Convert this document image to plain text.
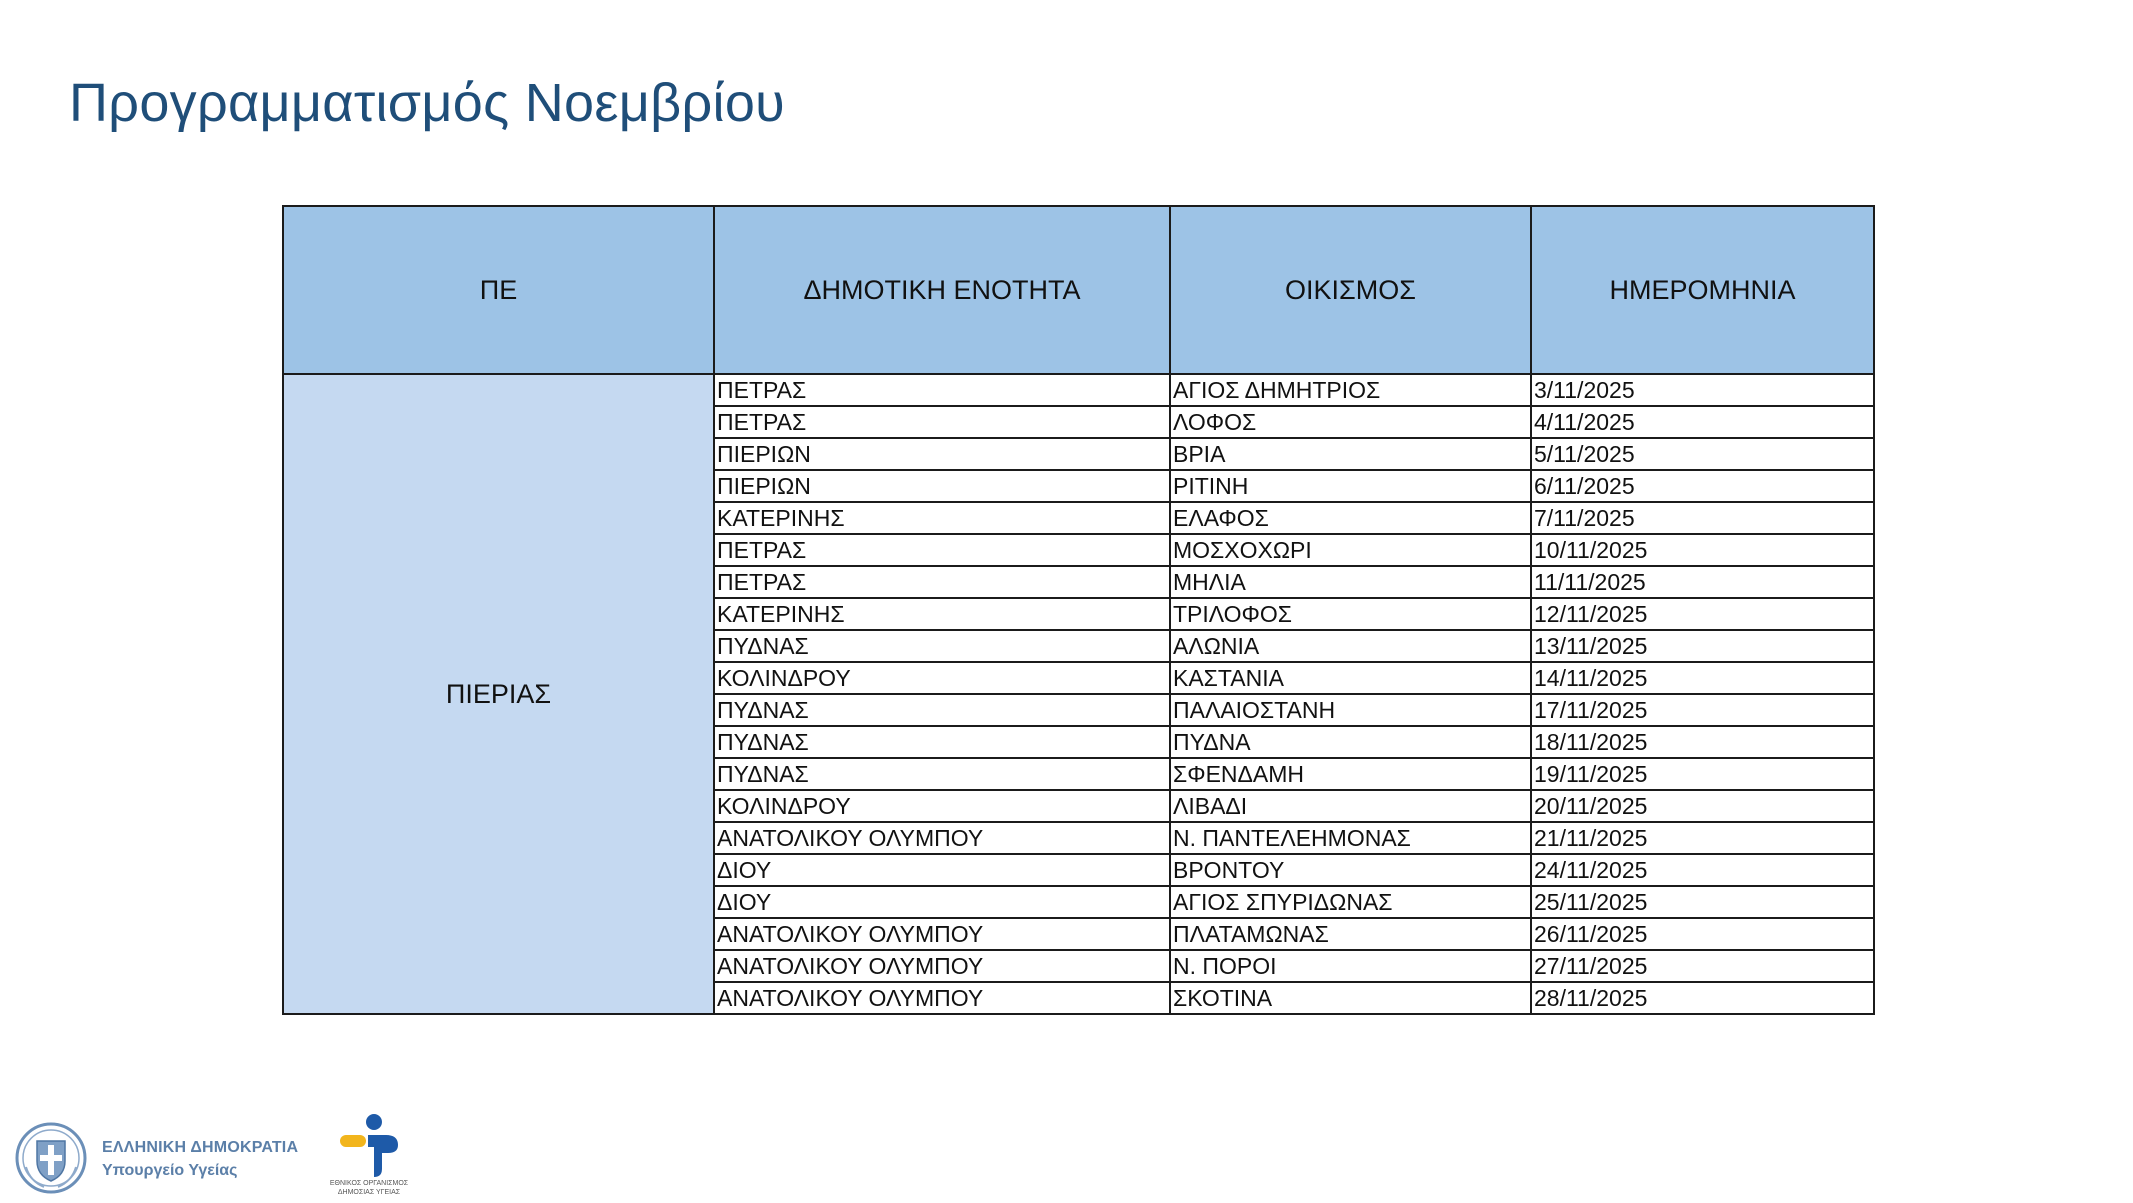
Προγραμματισμός Νοεμβρίου
ΠΕ	ΔΗΜΟΤΙΚΗ ΕΝΟΤΗΤΑ	ΟΙΚΙΣΜΟΣ	ΗΜΕΡΟΜΗΝΙΑ
ΠΙΕΡΙΑΣ	ΠΕΤΡΑΣ	ΑΓΙΟΣ ΔΗΜΗΤΡΙΟΣ	3/11/2025
	ΠΕΤΡΑΣ	ΛΟΦΟΣ	4/11/2025
	ΠΙΕΡΙΩΝ	ΒΡΙΑ	5/11/2025
	ΠΙΕΡΙΩΝ	ΡΙΤΙΝΗ	6/11/2025
	ΚΑΤΕΡΙΝΗΣ	ΕΛΑΦΟΣ	7/11/2025
	ΠΕΤΡΑΣ	ΜΟΣΧΟΧΩΡΙ	10/11/2025
	ΠΕΤΡΑΣ	ΜΗΛΙΑ	11/11/2025
	ΚΑΤΕΡΙΝΗΣ	ΤΡΙΛΟΦΟΣ	12/11/2025
	ΠΥΔΝΑΣ	ΑΛΩΝΙΑ	13/11/2025
	ΚΟΛΙΝΔΡΟΥ	ΚΑΣΤΑΝΙΑ	14/11/2025
	ΠΥΔΝΑΣ	ΠΑΛΑΙΟΣΤΑΝΗ	17/11/2025
	ΠΥΔΝΑΣ	ΠΥΔΝΑ	18/11/2025
	ΠΥΔΝΑΣ	ΣΦΕΝΔΑΜΗ	19/11/2025
	ΚΟΛΙΝΔΡΟΥ	ΛΙΒΑΔΙ	20/11/2025
	ΑΝΑΤΟΛΙΚΟΥ ΟΛΥΜΠΟΥ	Ν. ΠΑΝΤΕΛΕΗΜΟΝΑΣ	21/11/2025
	ΔΙΟΥ	ΒΡΟΝΤΟΥ	24/11/2025
	ΔΙΟΥ	ΑΓΙΟΣ ΣΠΥΡΙΔΩΝΑΣ	25/11/2025
	ΑΝΑΤΟΛΙΚΟΥ ΟΛΥΜΠΟΥ	ΠΛΑΤΑΜΩΝΑΣ	26/11/2025
	ΑΝΑΤΟΛΙΚΟΥ ΟΛΥΜΠΟΥ	Ν. ΠΟΡΟΙ	27/11/2025
	ΑΝΑΤΟΛΙΚΟΥ ΟΛΥΜΠΟΥ	ΣΚΟΤΙΝΑ	28/11/2025
ΕΛΛΗΝΙΚΗ ΔΗΜΟΚΡΑΤΙΑ
Υπουργείο Υγείας
ΕΘΝΙΚΟΣ ΟΡΓΑΝΙΣΜΟΣ
ΔΗΜΟΣΙΑΣ ΥΓΕΙΑΣ
